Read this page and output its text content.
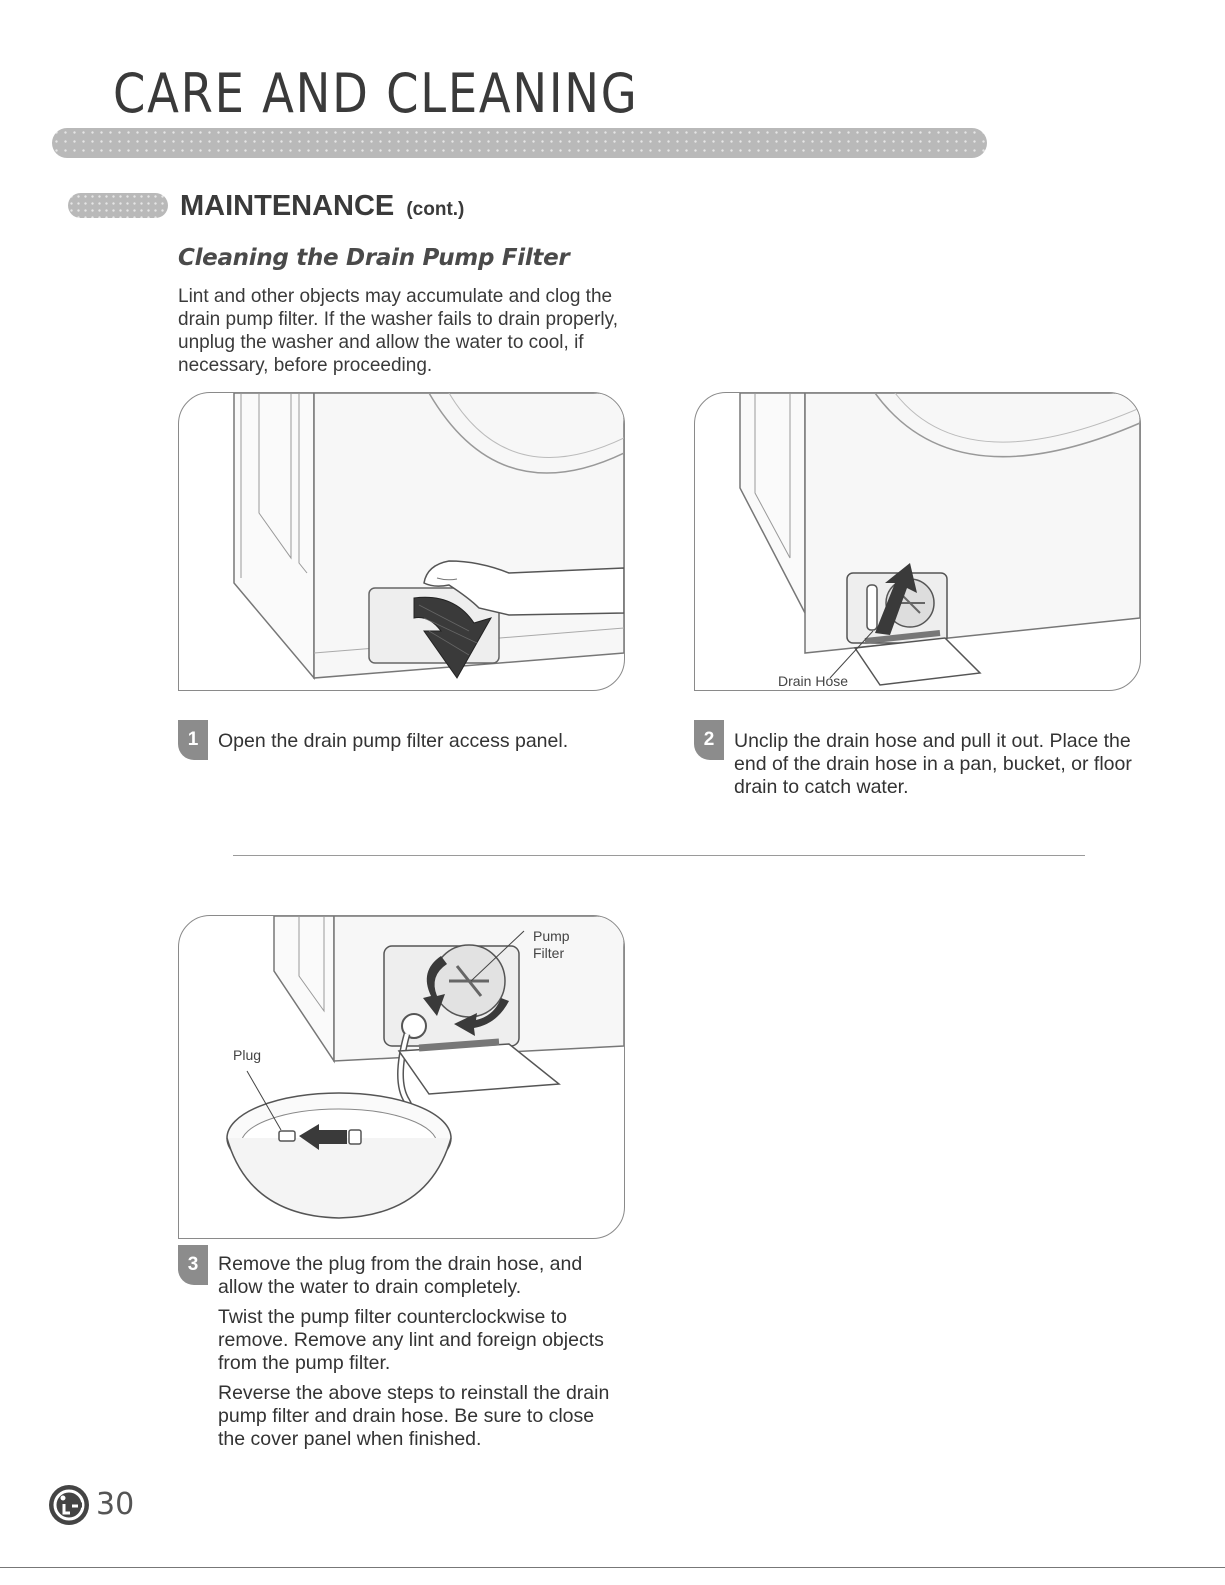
CARE AND CLEANING
MAINTENANCE (cont.)
Cleaning the Drain Pump Filter

Lint and other objects may accumulate and clog the drain pump filter. If the washer fails to drain properly, unplug the washer and allow the water to cool, if necessary, before proceeding.

1	Open the drain pump filter access panel.

Drain Hose
2	Unclip the drain hose and pull it out. Place the end of the drain hose in a pan, bucket, or floor drain to catch water.

Pump
Filter
Plug
3	Remove the plug from the drain hose, and allow the water to drain completely.

Twist the pump filter counterclockwise to remove. Remove any lint and foreign objects from the pump filter.

Reverse the above steps to reinstall the drain pump filter and drain hose. Be sure to close the cover panel when finished.

30
